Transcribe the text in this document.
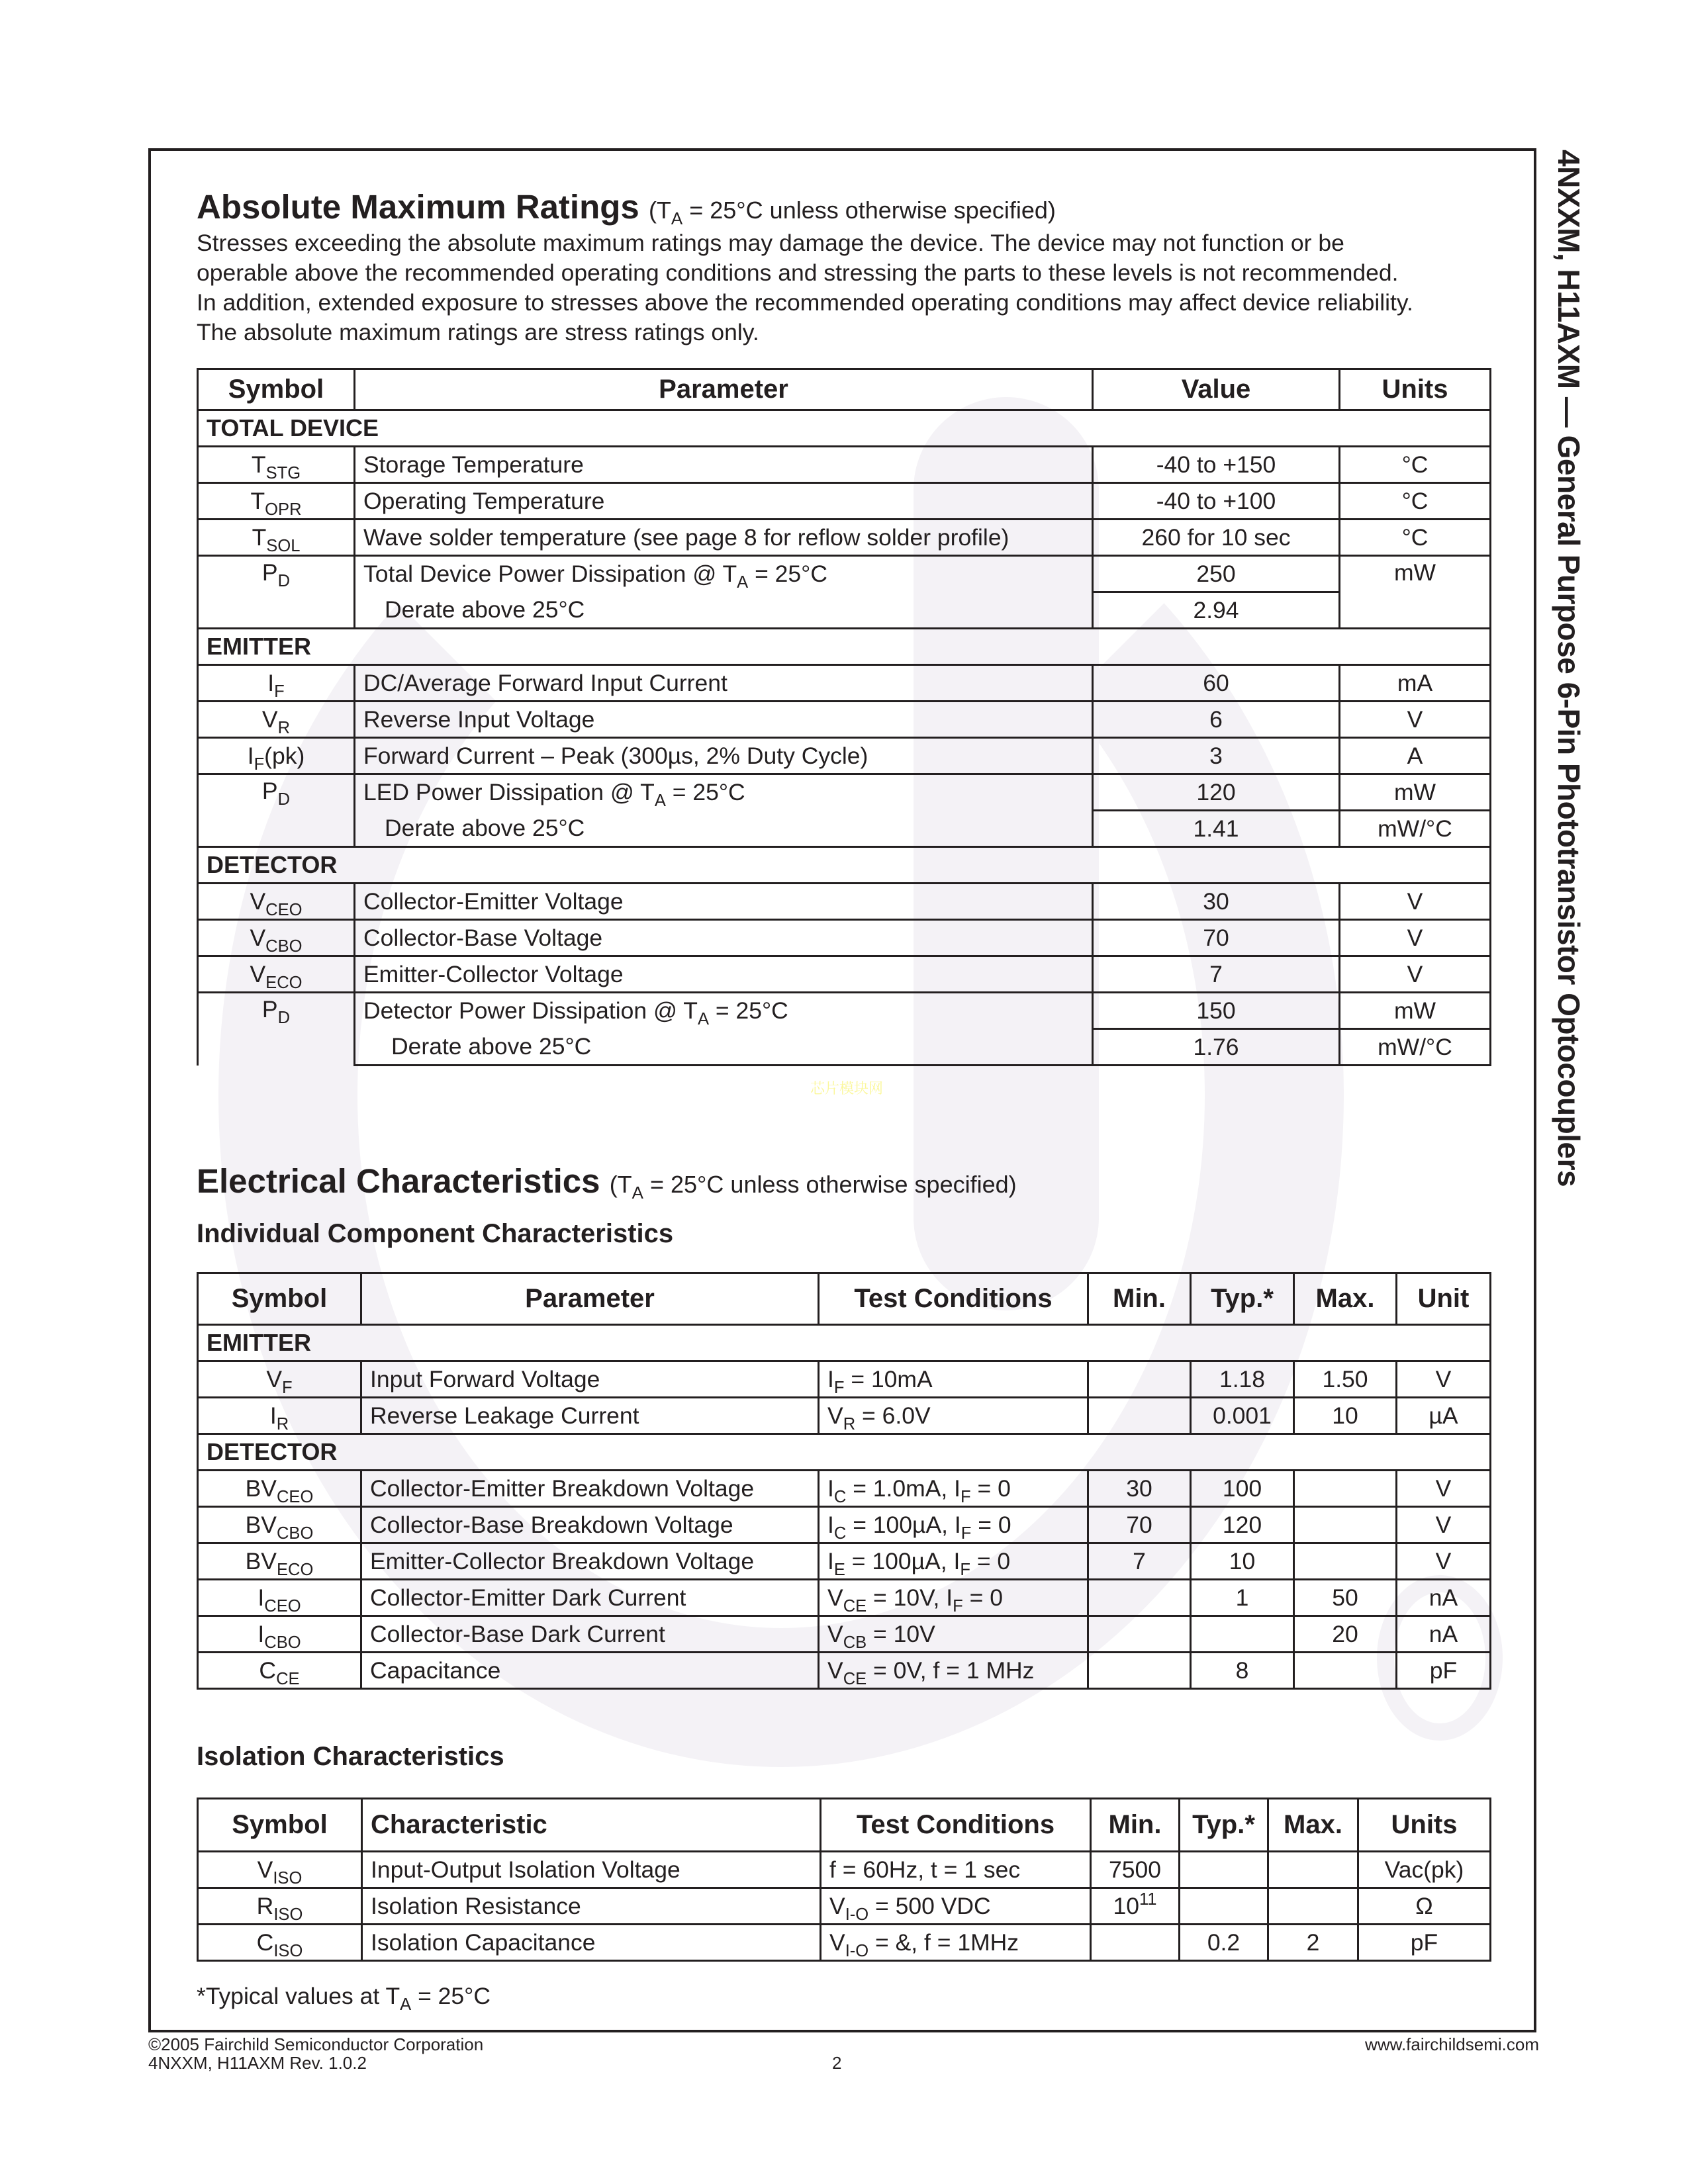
4NXXM, H11AXM — General Purpose 6-Pin Phototransistor Optocouplers
Absolute Maximum Ratings ($T_A = 25^\circ C$ unless otherwise specified)
Stresses exceeding the absolute maximum ratings may damage the device. The device may not function or be
operable above the recommended operating conditions and stressing the parts to these levels is not recommended.
In addition, extended exposure to stresses above the recommended operating conditions may affect device reliability.
The absolute maximum ratings are stress ratings only.
Symbol	Parameter	Value	Units
TOTAL DEVICE			
$T_{STG}$	Storage Temperature	-40 to +150	°C
$T_{OPR}$	Operating Temperature	-40 to +100	°C
$T_{SOL}$	Wave solder temperature (see page 8 for reflow solder profile)	260 for 10 sec	°C
$P_D$	Total Device Power Dissipation @ $T_A = 25^\circ C$	250	mW
	Derate above 25°C	2.94	
EMITTER			
$I_F$	DC/Average Forward Input Current	60	mA
$V_R$	Reverse Input Voltage	6	V
$I_F(pk)$	Forward Current – Peak (300µs, 2% Duty Cycle)	3	A
$P_D$	LED Power Dissipation @ $T_A = 25^\circ C$	120	mW
	Derate above 25°C	1.41	mW/°C
DETECTOR			
$V_{CEO}$	Collector-Emitter Voltage	30	V
$V_{CBO}$	Collector-Base Voltage	70	V
$V_{ECO}$	Emitter-Collector Voltage	7	V
$P_D$	Detector Power Dissipation @ $T_A = 25^\circ C$	150	mW
	Derate above 25°C	1.76	mW/°C
芯片模块网
Electrical Characteristics ($T_A = 25^\circ C$ unless otherwise specified)
Individual Component Characteristics
Symbol	Parameter	Test Conditions	Min.	Typ.*	Max.	Unit
EMITTER						
$V_F$	Input Forward Voltage	$I_F = 10mA$		1.18	1.50	V
$I_R$	Reverse Leakage Current	$V_R = 6.0V$		0.001	10	µA
DETECTOR						
$BV_{CEO}$	Collector-Emitter Breakdown Voltage	$I_C = 1.0mA$, $I_F = 0$	30	100		V
$BV_{CBO}$	Collector-Base Breakdown Voltage	$I_C = 100\mu A$, $I_F = 0$	70	120		V
$BV_{ECO}$	Emitter-Collector Breakdown Voltage	$I_E = 100\mu A$, $I_F = 0$	7	10		V
$I_{CEO}$	Collector-Emitter Dark Current	$V_{CE} = 10V$, $I_F = 0$		1	50	nA
$I_{CBO}$	Collector-Base Dark Current	$V_{CB} = 10V$			20	nA
$C_{CE}$	Capacitance	$V_{CE} = 0V$, f = 1 MHz		8		pF
Isolation Characteristics
Symbol	Characteristic	Test Conditions	Min.	Typ.*	Max.	Units
$V_{ISO}$	Input-Output Isolation Voltage	f = 60Hz, t = 1 sec	7500			Vac(pk)
$R_{ISO}$	Isolation Resistance	$V_{I-O} = 500$ VDC	$10^{11}$			Ω
$C_{ISO}$	Isolation Capacitance	$V_{I-O}$ = &, f = 1MHz		0.2	2	pF
*Typical values at $T_A = 25^\circ C$
©2005 Fairchild Semiconductor Corporation
4NXXM, H11AXM Rev. 1.0.2	2
www.fairchildsemi.com
